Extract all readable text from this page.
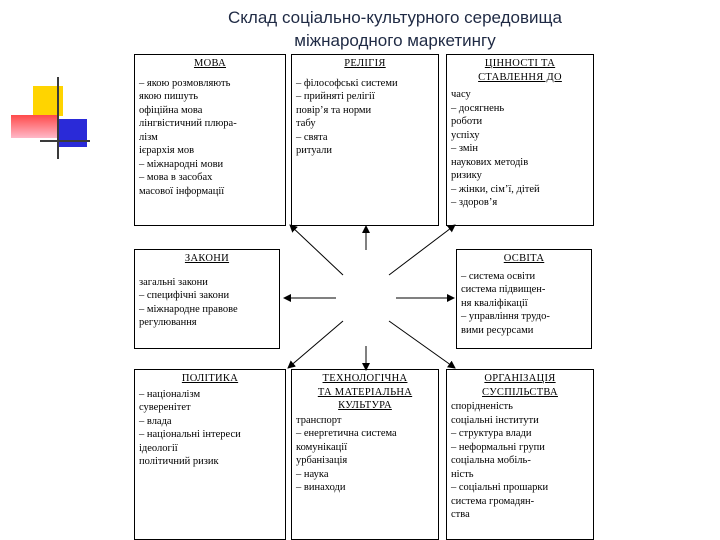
Склад соціально-культурного середовища
міжнародного маркетингу
МОВА
– якою розмовляють
якою пишуть
офіційна мова
лінгвістичний плюра-
лізм
ієрархія мов
– міжнародні мови
– мова в засобах
масової інформації
РЕЛІГІЯ
– філософські системи
– прийняті релігії
повір’я та норми
табу
– свята
ритуали
ЦІННОСТІ ТА
СТАВЛЕННЯ ДО
часу
– досягнень
роботи
успіху
– змін
наукових методів
ризику
– жінки, сім’ї, дітей
– здоров’я
ЗАКОНИ
загальні закони
– специфічні закони
– міжнародне правове
регулювання
ОСВІТА
– система освіти
система підвищен-
ня кваліфікації
– управління трудо-
вими ресурсами
ПОЛІТИКА
– націоналізм
суверенітет
– влада
– національні інтереси
ідеології
політичний ризик
ТЕХНОЛОГІЧНА
ТА МАТЕРІАЛЬНА
КУЛЬТУРА
транспорт
– енергетична система
комунікації
урбанізація
– наука
– винаходи
ОРГАНІЗАЦІЯ
СУСПІЛЬСТВА
спорідненість
соціальні інститути
– структура влади
– неформальні групи
соціальна мобіль-
ність
– соціальні прошарки
система громадян-
ства
